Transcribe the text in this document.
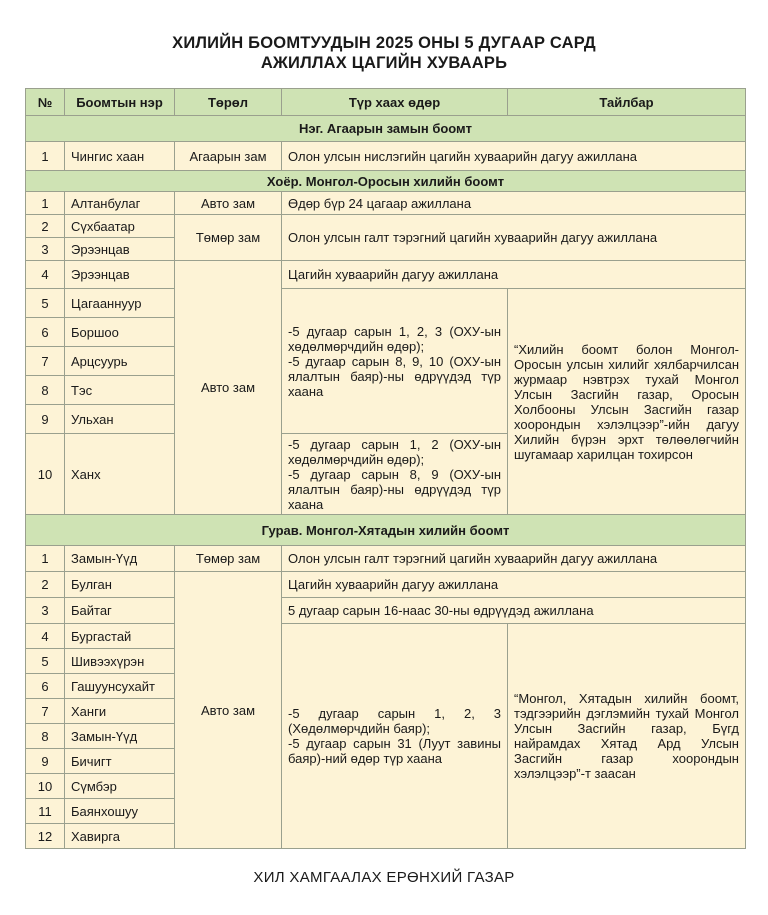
ХИЛИЙН БООМТУУДЫН 2025 ОНЫ 5 ДУГААР САРД
АЖИЛЛАХ ЦАГИЙН ХУВААРЬ
№	Боомтын нэр	Төрөл	Түр хаах өдөр	Тайлбар
Нэг. Агаарын замын боомт				
1	Чингис хаан	Агаарын зам	Олон улсын нислэгийн цагийн хуваарийн дагуу ажиллана	
Хоёр. Монгол-Оросын хилийн боомт				
1	Алтанбулаг	Авто зам	Өдөр бүр 24 цагаар ажиллана	
2	Сүхбаатар	Төмөр зам	Олон улсын галт тэрэгний цагийн хуваарийн дагуу ажиллана	
3	Эрээнцав			
4	Эрээнцав	Авто зам	Цагийн хуваарийн дагуу ажиллана	
5	Цагааннуур		-5 дугаар сарын 1, 2, 3 (ОХУ-ын хөдөлмөрчдийн өдөр);
-5 дугаар сарын 8, 9, 10 (ОХУ-ын ялалтын баяр)-ны өдрүүдэд түр хаана	“Хилийн боомт болон Монгол-Оросын улсын хилийг хялбарчилсан журмаар нэвтрэх тухай Монгол Улсын Засгийн газар, Оросын Холбооны Улсын Засгийн газар хоорондын хэлэлцээр”-ийн дагуу Хилийн бүрэн эрхт төлөөлөгчийн шугамаар харилцан тохирсон
6	Боршоо			
7	Арцсуурь			
8	Тэс			
9	Ульхан			
10	Ханх		-5 дугаар сарын 1, 2 (ОХУ-ын хөдөлмөрчдийн өдөр);
-5 дугаар сарын 8, 9 (ОХУ-ын ялалтын баяр)-ны өдрүүдэд түр хаана	
Гурав. Монгол-Хятадын хилийн боомт				
1	Замын-Үүд	Төмөр зам	Олон улсын галт тэрэгний цагийн хуваарийн дагуу ажиллана	
2	Булган	Авто зам	Цагийн хуваарийн дагуу ажиллана	
3	Байтаг		5 дугаар сарын 16-наас 30-ны өдрүүдэд ажиллана	
4	Бургастай		-5 дугаар сарын 1, 2, 3 (Хөдөлмөрчдийн баяр);
-5 дугаар сарын 31 (Луут завины баяр)-ний өдөр түр хаана	“Монгол, Хятадын хилийн боомт, тэдгээрийн дэглэмийн тухай Монгол Улсын Засгийн газар, Бүгд найрамдах Хятад Ард Улсын Засгийн газар хоорондын хэлэлцээр”-т заасан
5	Шивээхүрэн			
6	Гашуунсухайт			
7	Ханги			
8	Замын-Үүд			
9	Бичигт			
10	Сүмбэр			
11	Баянхошуу			
12	Хавирга			
ХИЛ ХАМГААЛАХ ЕРӨНХИЙ ГАЗАР
